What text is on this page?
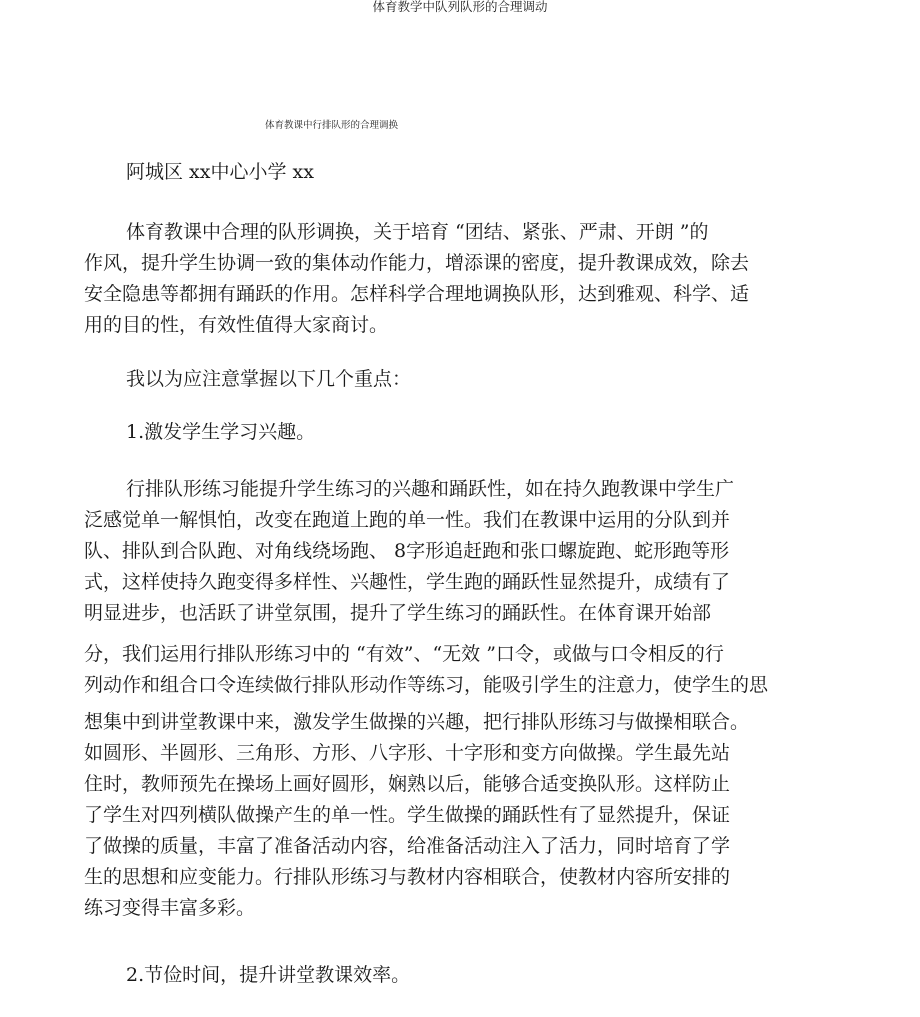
体育教学中队列队形的合理调动
体育教课中行排队形的合理调换
阿城区 xx中心小学 xx
体育教课中合理的队形调换，关于培育 “团结、紧张、严肃、开朗 ”的
作风，提升学生协调一致的集体动作能力，增添课的密度，提升教课成效，除去
安全隐患等都拥有踊跃的作用。怎样科学合理地调换队形，达到雅观、科学、适
用的目的性，有效性值得大家商讨。
我以为应注意掌握以下几个重点：
1.激发学生学习兴趣。
行排队形练习能提升学生练习的兴趣和踊跃性，如在持久跑教课中学生广
泛感觉单一解惧怕，改变在跑道上跑的单一性。我们在教课中运用的分队到并
队、排队到合队跑、对角线绕场跑、 8字形追赶跑和张口螺旋跑、蛇形跑等形
式，这样使持久跑变得多样性、兴趣性，学生跑的踊跃性显然提升，成绩有了
明显进步，也活跃了讲堂氛围，提升了学生练习的踊跃性。在体育课开始部
分，我们运用行排队形练习中的 “有效”、“无效 ”口令，或做与口令相反的行
列动作和组合口令连续做行排队形动作等练习，能吸引学生的注意力，使学生的思
想集中到讲堂教课中来，激发学生做操的兴趣，把行排队形练习与做操相联合。
如圆形、半圆形、三角形、方形、八字形、十字形和变方向做操。学生最先站
住时，教师预先在操场上画好圆形，娴熟以后，能够合适变换队形。这样防止
了学生对四列横队做操产生的单一性。学生做操的踊跃性有了显然提升，保证
了做操的质量，丰富了准备活动内容，给准备活动注入了活力，同时培育了学
生的思想和应变能力。行排队形练习与教材内容相联合，使教材内容所安排的
练习变得丰富多彩。
2.节俭时间，提升讲堂教课效率。
